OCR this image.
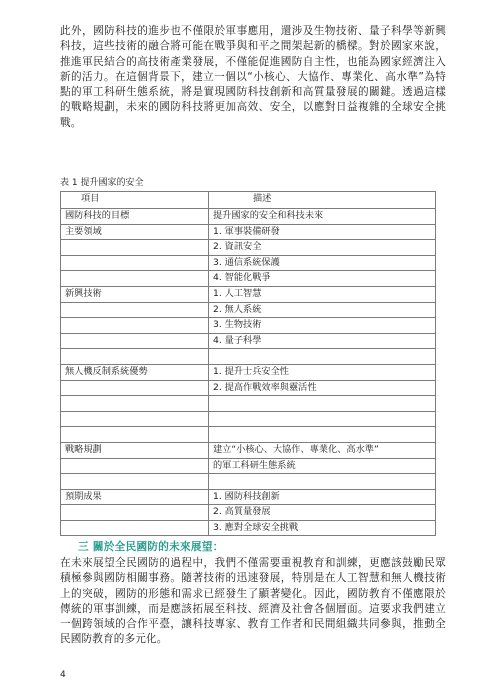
此外，國防科技的進步也不僅限於軍事應用，還涉及生物技術、量子科學等新興科技，這些技術的融合將可能在戰爭與和平之間架起新的橋樑。對於國家來說，推進軍民結合的高技術產業發展，不僅能促進國防自主性，也能為國家經濟注入新的活力。在這個背景下，建立一個以“小核心、大協作、專業化、高水準”為特點的軍工科研生態系統，將是實現國防科技創新和高質量發展的關鍵。透過這樣的戰略規劃，未來的國防科技將更加高效、安全，以應對日益複雜的全球安全挑戰。

表 1 提升國家的安全
項目	描述
國防科技的目標	提升國家的安全和科技未來
主要領域	1. 軍事裝備研發
	2. 資訊安全
	3. 通信系統保護
	4. 智能化戰爭
新興技術	1. 人工智慧
	2. 無人系統
	3. 生物技術
	4. 量子科學

無人機反制系統優勢	1. 提升士兵安全性
	2. 提高作戰效率與靈活性

戰略規劃	建立“小核心、大協作、專業化、高水準”
	的軍工科研生態系統

預期成果	1. 國防科技創新
	2. 高質量發展
	3. 應對全球安全挑戰
三 關於全民國防的未來展望：

在未來展望全民國防的過程中，我們不僅需要重視教育和訓練，更應該鼓勵民眾積極參與國防相關事務。隨著技術的迅速發展，特別是在人工智慧和無人機技術上的突破，國防的形態和需求已經發生了顯著變化。因此，國防教育不僅應限於傳統的軍事訓練，而是應該拓展至科技、經濟及社會各個層面。這要求我們建立一個跨領域的合作平臺，讓科技專家、教育工作者和民間組織共同參與，推動全民國防教育的多元化。

4
